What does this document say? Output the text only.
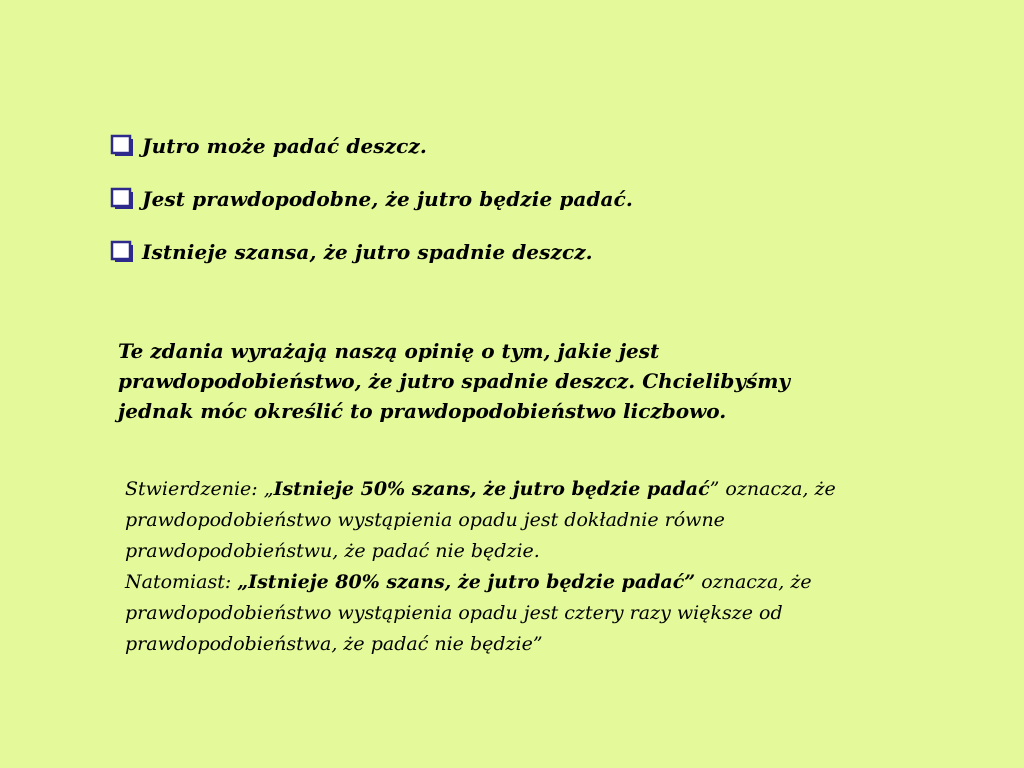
Jutro może padać deszcz.
Jest prawdopodobne, że jutro będzie padać.
Istnieje szansa, że jutro spadnie deszcz.
Te zdania wyrażają naszą opinię o tym, jakie jest
prawdopodobieństwo, że jutro spadnie deszcz. Chcielibyśmy
jednak móc określić to prawdopodobieństwo liczbowo.
Stwierdzenie: „Istnieje 50% szans, że jutro będzie padać” oznacza, że
prawdopodobieństwo wystąpienia opadu jest dokładnie równe
prawdopodobieństwu, że padać nie będzie.
Natomiast: „Istnieje 80% szans, że jutro będzie padać” oznacza, że
prawdopodobieństwo wystąpienia opadu jest cztery razy większe od
prawdopodobieństwa, że padać nie będzie”
